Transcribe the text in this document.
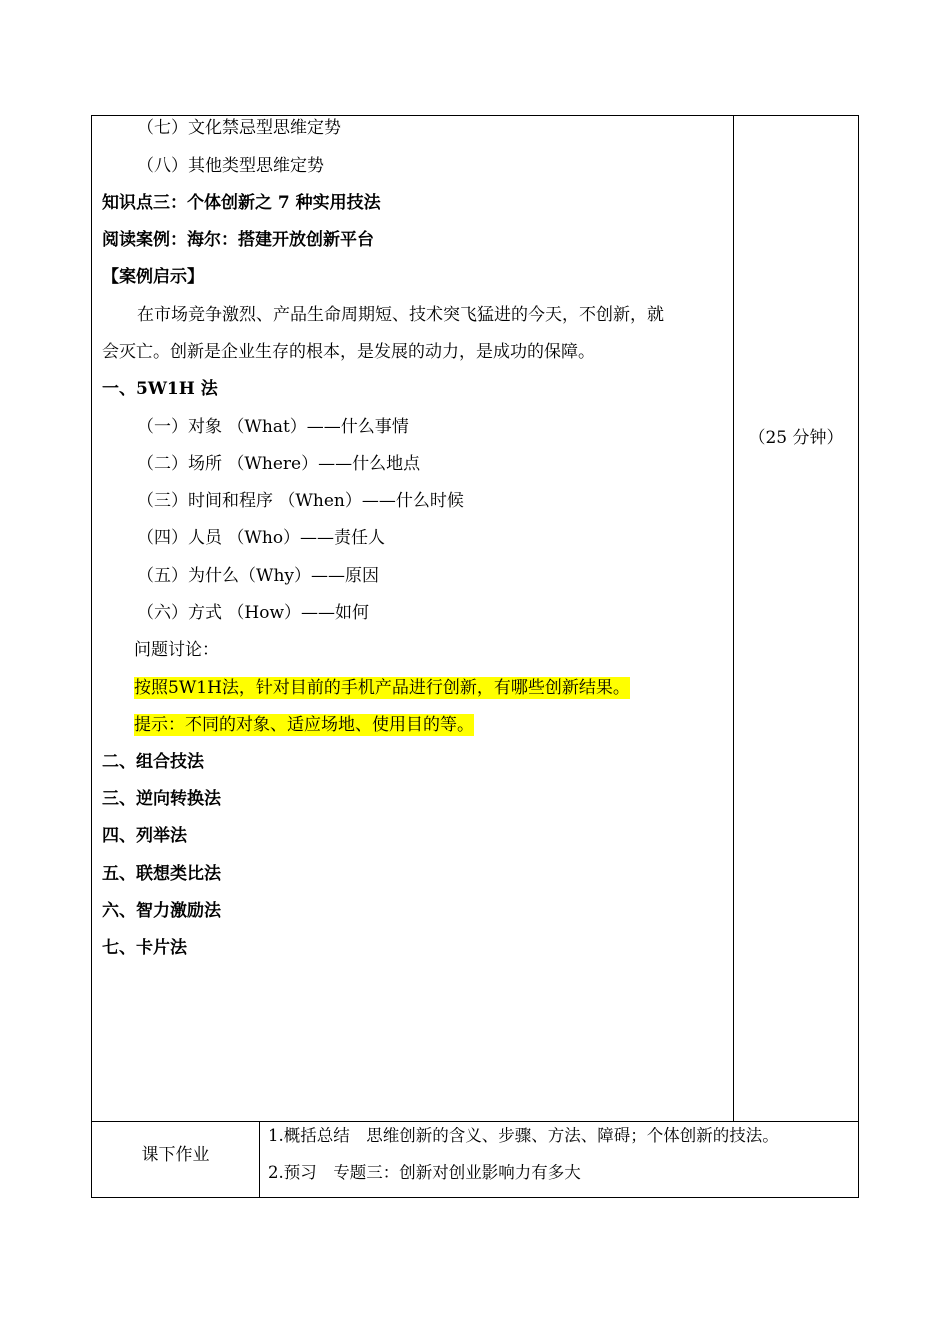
（七）文化禁忌型思维定势
（八）其他类型思维定势
知识点三：个体创新之 7 种实用技法
阅读案例：海尔：搭建开放创新平台
【案例启示】
在市场竞争激烈、产品生命周期短、技术突飞猛进的今天，不创新，就
会灭亡。创新是企业生存的根本，是发展的动力，是成功的保障。
一、5W1H 法
（一）对象 （What）——什么事情
（二）场所 （Where）——什么地点
（三）时间和程序 （When）——什么时候
（四）人员 （Who）——责任人
（五）为什么（Why）——原因
（六）方式 （How）——如何
问题讨论：
按照5W1H法，针对目前的手机产品进行创新，有哪些创新结果。
提示：不同的对象、适应场地、使用目的等。
二、组合技法
三、逆向转换法
四、列举法
五、联想类比法
六、智力激励法
七、卡片法
（25 分钟）
课下作业
1.概括总结　思维创新的含义、步骤、方法、障碍；个体创新的技法。
2.预习　专题三：创新对创业影响力有多大
